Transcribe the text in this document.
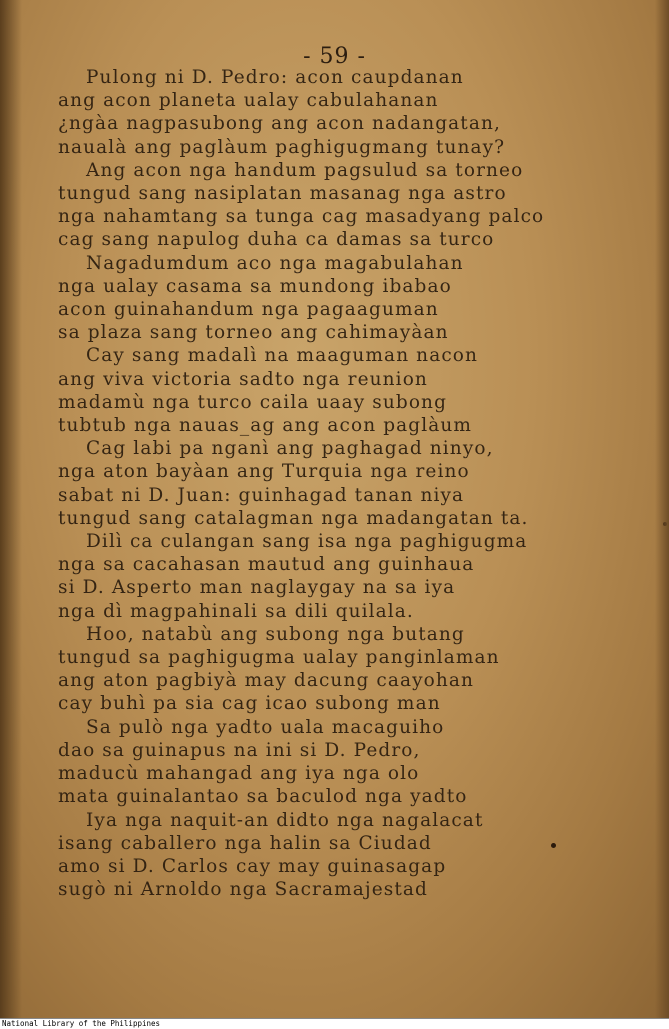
- 59 -
Pulong ni D. Pedro: acon caupdanan
ang acon planeta ualay cabulahanan
¿ngàa nagpasubong ang acon nadangatan,
naualà ang paglàum paghigugmang tunay?
Ang acon nga handum pagsulud sa torneo
tungud sang nasiplatan masanag nga astro
nga nahamtang sa tunga cag masadyang palco
cag sang napulog duha ca damas sa turco
Nagadumdum aco nga magabulahan
nga ualay casama sa mundong ibabao
acon guinahandum nga pagaaguman
sa plaza sang torneo ang cahimayàan
Cay sang madalì na maaguman nacon
ang viva victoria sadto nga reunion
madamù nga turco caila uaay subong
tubtub nga nauas_ag ang acon paglàum
Cag labi pa nganì ang paghagad ninyo,
nga aton bayàan ang Turquia nga reino
sabat ni D. Juan: guinhagad tanan niya
tungud sang catalagman nga madangatan ta.
Dilì ca culangan sang isa nga paghigugma
nga sa cacahasan mautud ang guinhaua
si D. Asperto man naglaygay na sa iya
nga dì magpahinali sa dili quilala.
Hoo, natabù ang subong nga butang
tungud sa paghigugma ualay panginlaman
ang aton pagbiyà may dacung caayohan
cay buhì pa sia cag icao subong man
Sa pulò nga yadto uala macaguiho
dao sa guinapus na ini si D. Pedro,
maducù mahangad ang iya nga olo
mata guinalantao sa baculod nga yadto
Iya nga naquit-an didto nga nagalacat
isang caballero nga halin sa Ciudad
amo si D. Carlos cay may guinasagap
sugò ni Arnoldo nga Sacramajestad
National Library of the Philippines
